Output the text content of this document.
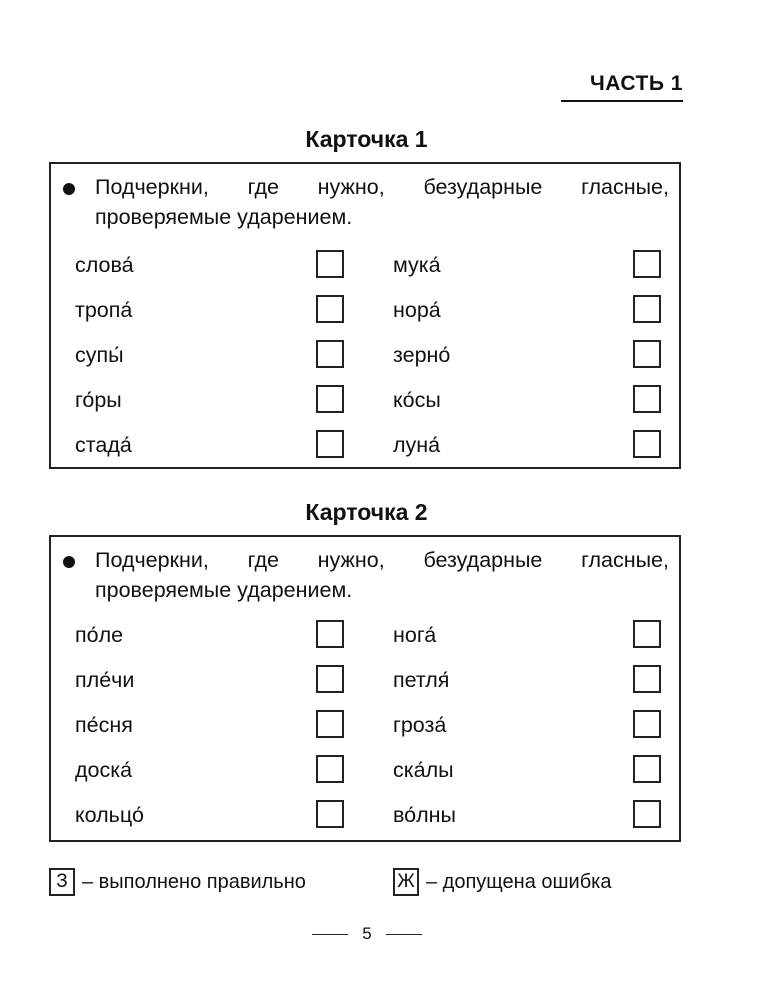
ЧАСТЬ 1
Карточка 1
Подчеркни, где нужно, безударные гласные, проверяемые ударением.
слова́	мука́
тропа́	нора́
супы́	зерно́
го́ры	ко́сы
стада́	луна́
Карточка 2
Подчеркни, где нужно, безударные гласные, проверяемые ударением.
по́ле	нога́
пле́чи	петля́
пе́сня	гроза́
доска́	ска́лы
кольцо́	во́лны
З – выполнено правильно	Ж – допущена ошибка
5
